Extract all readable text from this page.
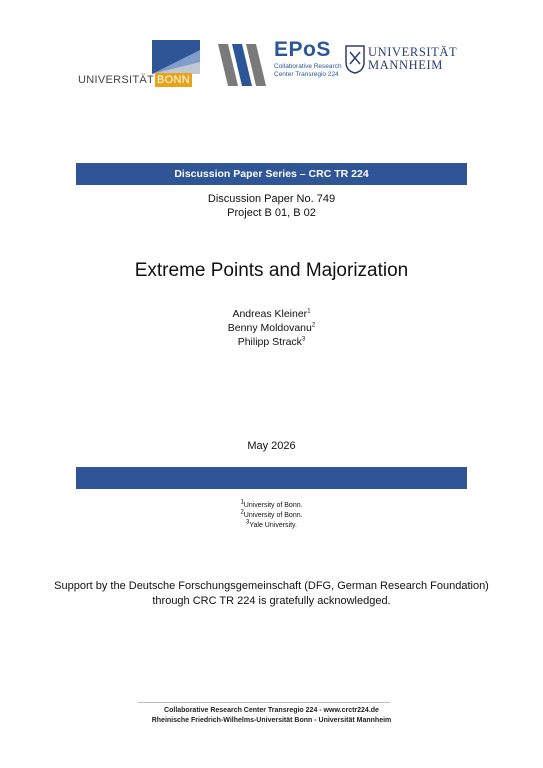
UNIVERSITÄT BONN
EPoS
Collaborative Research Center Transregio 224
UNIVERSITÄT
MANNHEIM
Discussion Paper Series – CRC TR 224
Discussion Paper No. 749
Project B 01, B 02
Extreme Points and Majorization
Andreas Kleiner$^1$
Benny Moldovanu$^2$
Philipp Strack$^3$
May 2026
$^1$University of Bonn.
$^2$University of Bonn.
$^3$Yale University.
Support by the Deutsche Forschungsgemeinschaft (DFG, German Research Foundation)
through CRC TR 224 is gratefully acknowledged.
Collaborative Research Center Transregio 224 - www.crctr224.de
Rheinische Friedrich-Wilhelms-Universität Bonn - Universität Mannheim
